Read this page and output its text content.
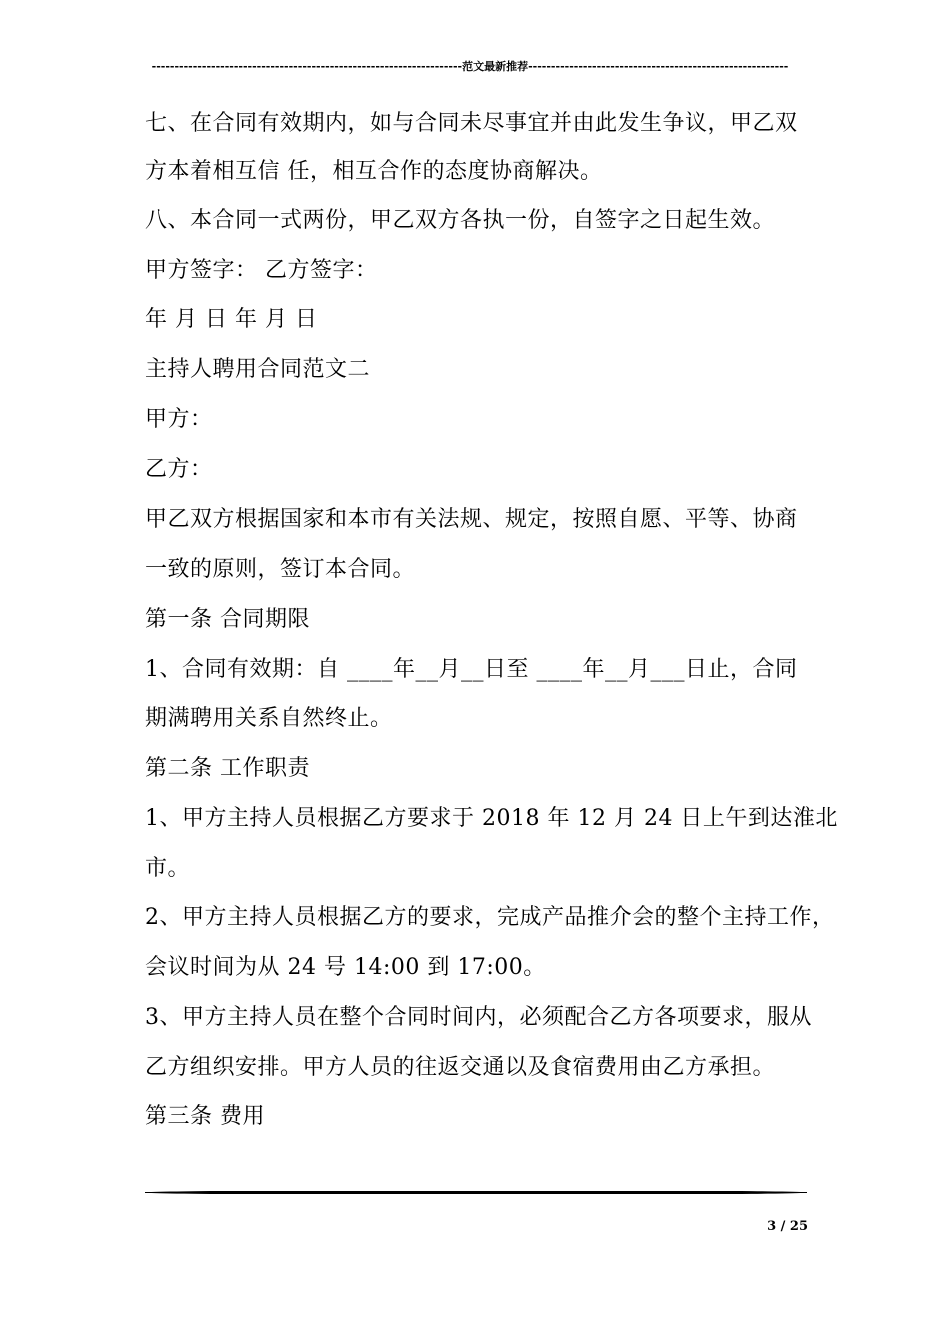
--------------------------------------------------------------------范文最新推荐---------------------------------------------------------
七、在合同有效期内，如与合同未尽事宜并由此发生争议，甲乙双
方本着相互信 任，相互合作的态度协商解决。
八、本合同一式两份，甲乙双方各执一份，自签字之日起生效。
甲方签字： 乙方签字：
年 月 日 年 月 日
主持人聘用合同范文二
甲方：
乙方：
甲乙双方根据国家和本市有关法规、规定，按照自愿、平等、协商
一致的原则，签订本合同。
第一条 合同期限
1、合同有效期：自 ____年__月__日至 ____年__月___日止，合同
期满聘用关系自然终止。
第二条 工作职责
1、甲方主持人员根据乙方要求于 2018 年 12 月 24 日上午到达淮北
市。
2、甲方主持人员根据乙方的要求，完成产品推介会的整个主持工作，
会议时间为从 24 号 14:00 到 17:00。
3、甲方主持人员在整个合同时间内，必须配合乙方各项要求，服从
乙方组织安排。甲方人员的往返交通以及食宿费用由乙方承担。
第三条 费用
3 / 25
